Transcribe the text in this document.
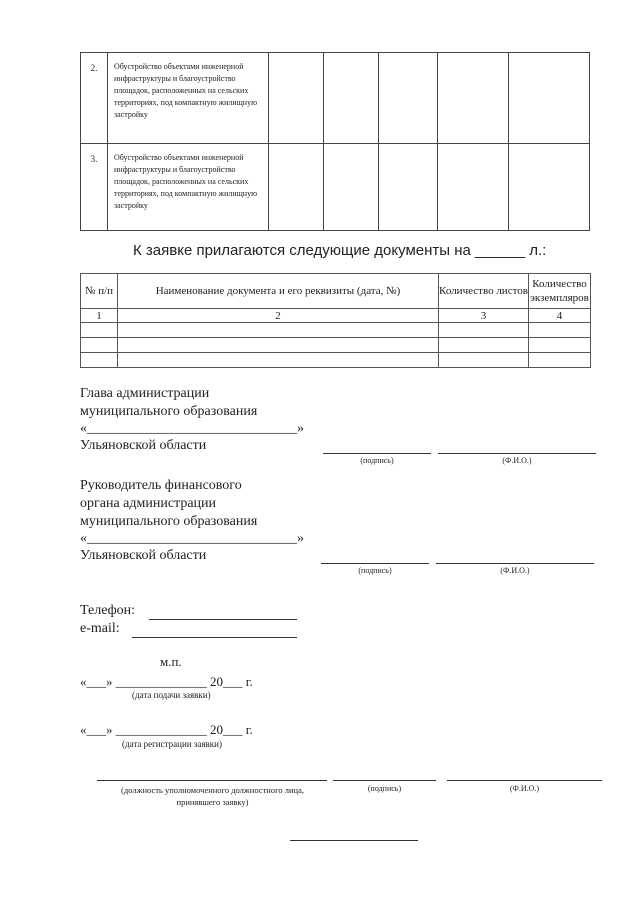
2.	Обустройство объектами инженерной инфраструктуры и благоустройство площадок, расположенных на сельских территориях, под компактную жилищную застройку					
3.	Обустройство объектами инженерной инфраструктуры и благоустройство площадок, расположенных на сельских территориях, под компактную жилищную застройку					
К заявке прилагаются следующие документы на ______ л.:
№ п/п	Наименование документа и его реквизиты (дата, №)	Количество листов	Количество экземпляров
1	2	3	4

Глава администрации
муниципального образования
«______________________________»
Ульяновской области
(подпись)	(Ф.И.О.)
Руководитель финансового
органа администрации
муниципального образования
«______________________________»
Ульяновской области
(подпись)	(Ф.И.О.)
Телефон:
e-mail:
м.п.
«___» ______________ 20___ г.
(дата подачи заявки)
«___» ______________ 20___ г.
(дата регистрации заявки)
(должность уполномоченного должностного лица, принявшего заявку)
(подпись)	(Ф.И.О.)
